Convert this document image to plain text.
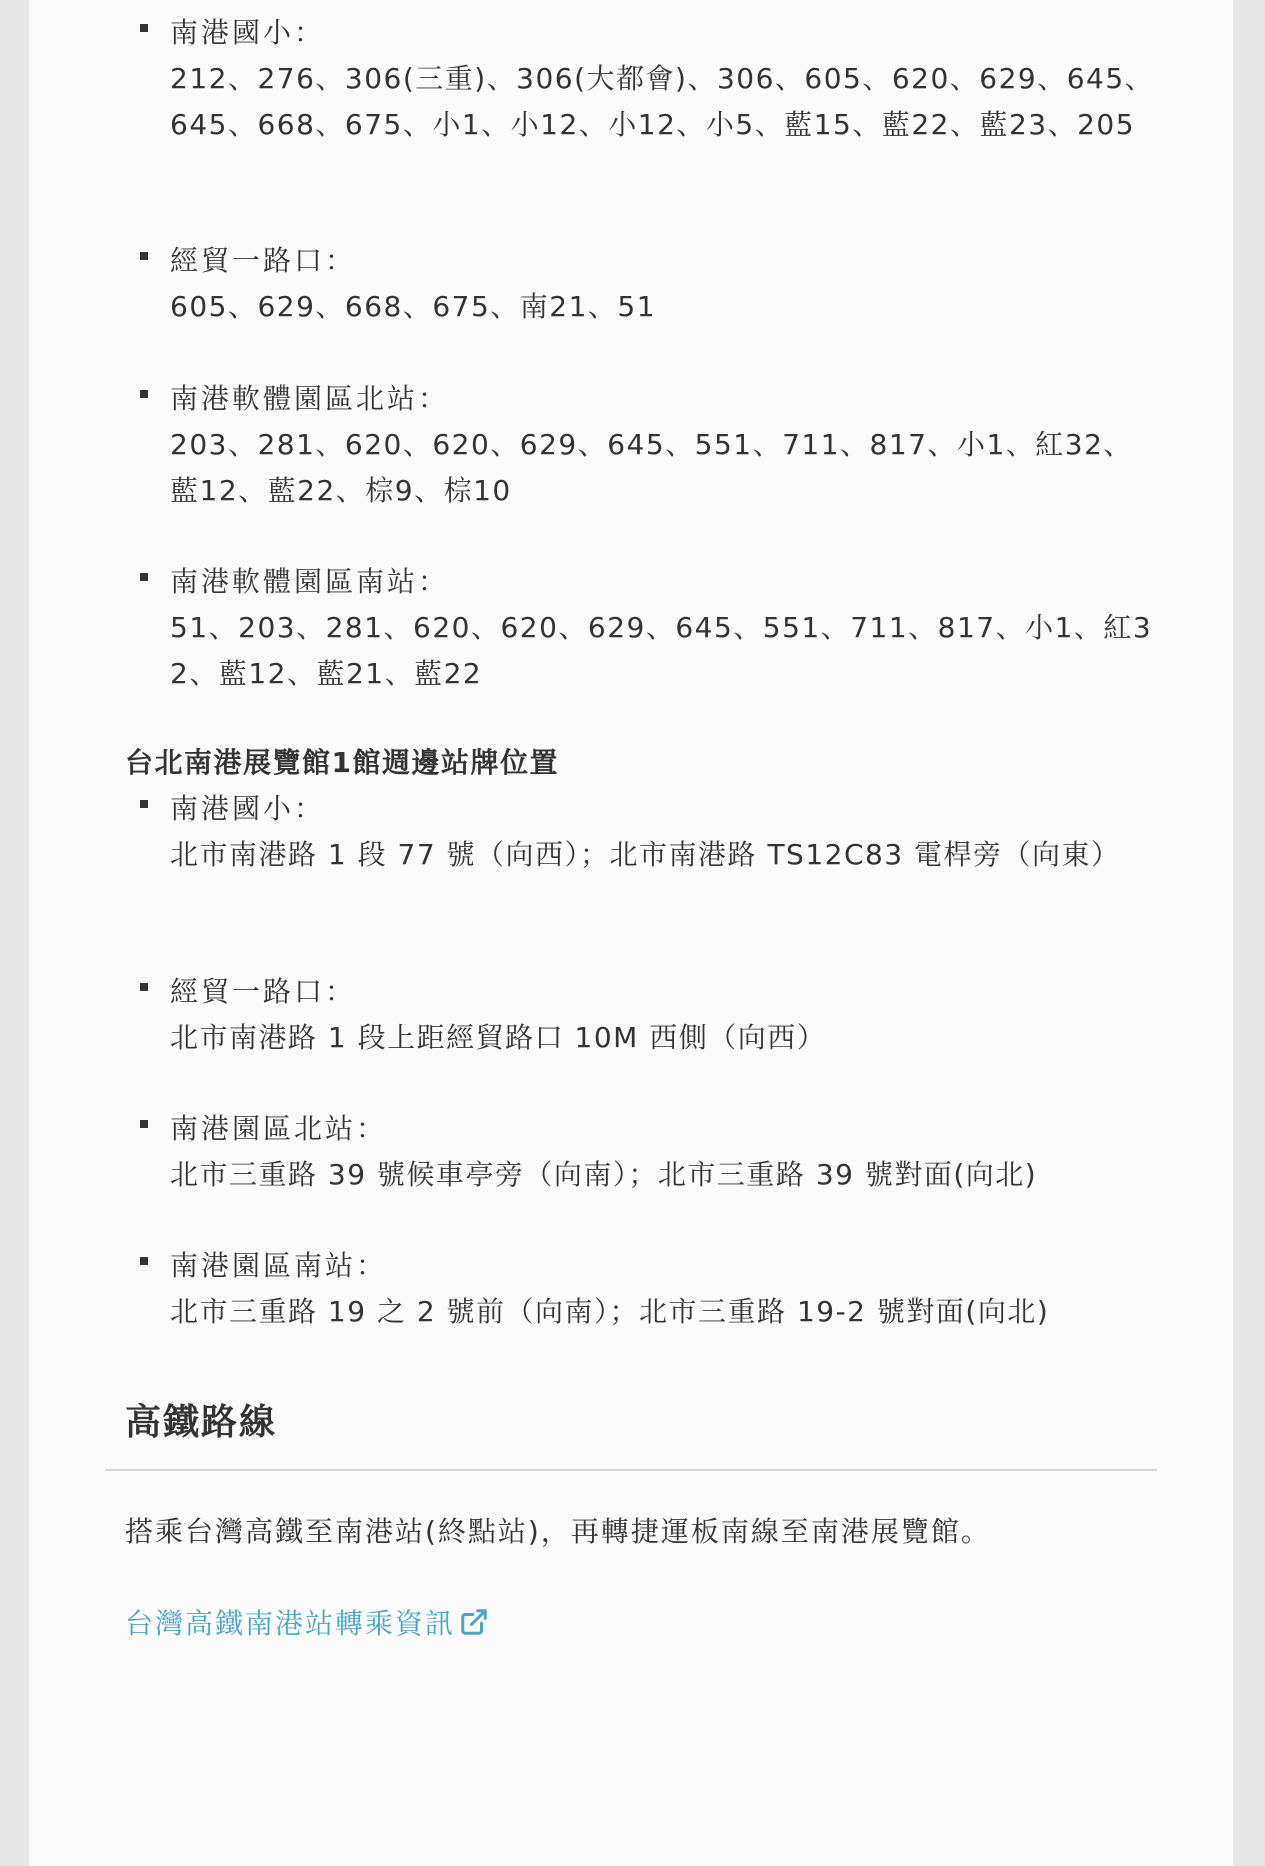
南港國小：
212、276、306(三重)、306(大都會)、306、605、620、629、645、645、668、675、小1、小12、小12、小5、藍15、藍22、藍23、205
經貿一路口：
605、629、668、675、南21、51
南港軟體園區北站：
203、281、620、620、629、645、551、711、817、小1、紅32、藍12、藍22、棕9、棕10
南港軟體園區南站：
51、203、281、620、620、629、645、551、711、817、小1、紅32、藍12、藍21、藍22
台北南港展覽館1館週邊站牌位置
南港國小：
北市南港路 1 段 77 號（向西）；北市南港路 TS12C83 電桿旁（向東）
經貿一路口：
北市南港路 1 段上距經貿路口 10M 西側（向西）
南港園區北站：
北市三重路 39 號候車亭旁（向南）；北市三重路 39 號對面(向北)
南港園區南站：
北市三重路 19 之 2 號前（向南）；北市三重路 19-2 號對面(向北)
高鐵路線
搭乘台灣高鐵至南港站(終點站)，再轉捷運板南線至南港展覽館。
台灣高鐵南港站轉乘資訊
